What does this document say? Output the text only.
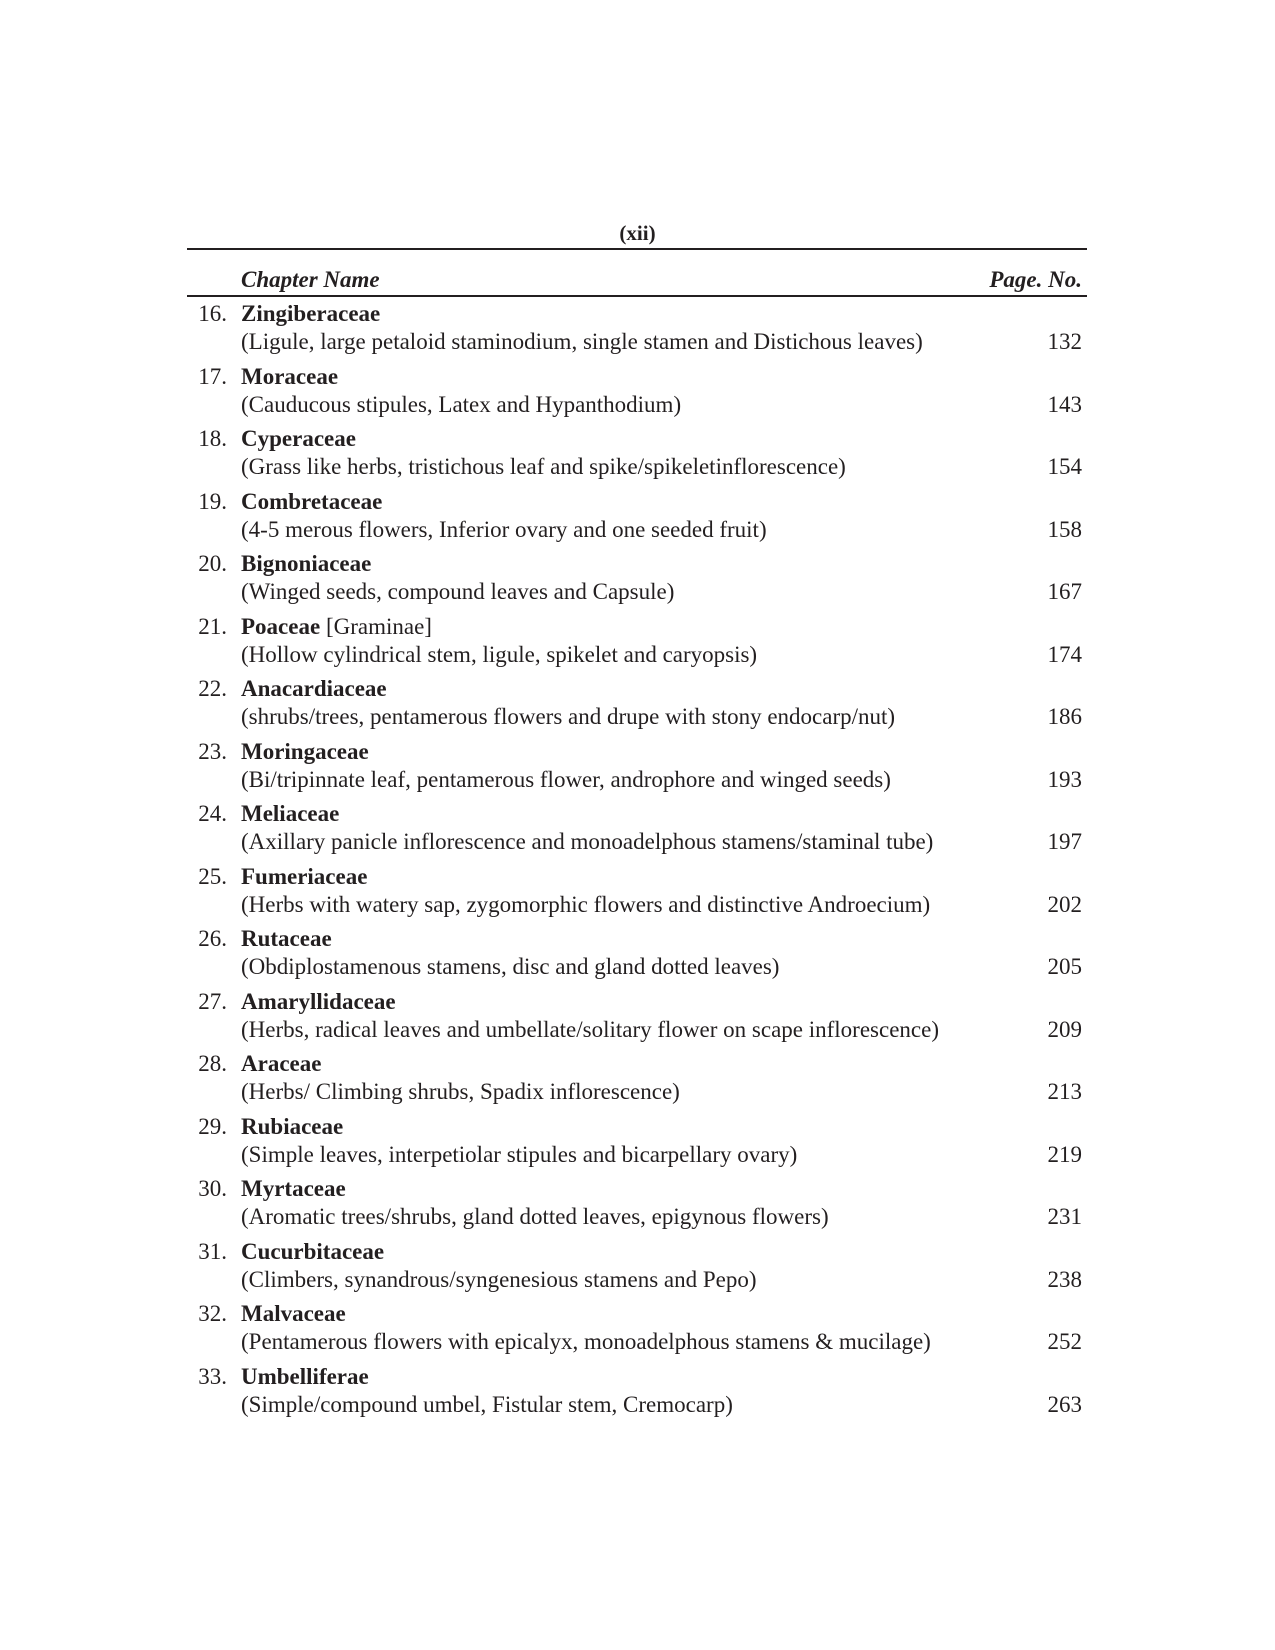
(xii)
Chapter Name	Page. No.
16. Zingiberaceae
(Ligule, large petaloid staminodium, single stamen and Distichous leaves)	132
17. Moraceae
(Cauducous stipules, Latex and Hypanthodium)	143
18. Cyperaceae
(Grass like herbs, tristichous leaf and spike/spikeletinflorescence)	154
19. Combretaceae
(4-5 merous flowers, Inferior ovary and one seeded fruit)	158
20. Bignoniaceae
(Winged seeds, compound leaves and Capsule)	167
21. Poaceae [Graminae]
(Hollow cylindrical stem, ligule, spikelet and caryopsis)	174
22. Anacardiaceae
(shrubs/trees, pentamerous flowers and drupe with stony endocarp/nut)	186
23. Moringaceae
(Bi/tripinnate leaf, pentamerous flower, androphore and winged seeds)	193
24. Meliaceae
(Axillary panicle inflorescence and monoadelphous stamens/staminal tube)	197
25. Fumeriaceae
(Herbs with watery sap, zygomorphic flowers and distinctive Androecium)	202
26. Rutaceae
(Obdiplostamenous stamens, disc and gland dotted leaves)	205
27. Amaryllidaceae
(Herbs, radical leaves and umbellate/solitary flower on scape inflorescence)	209
28. Araceae
(Herbs/ Climbing shrubs, Spadix inflorescence)	213
29. Rubiaceae
(Simple leaves, interpetiolar stipules and bicarpellary ovary)	219
30. Myrtaceae
(Aromatic trees/shrubs, gland dotted leaves, epigynous flowers)	231
31. Cucurbitaceae
(Climbers, synandrous/syngenesious stamens and Pepo)	238
32. Malvaceae
(Pentamerous flowers with epicalyx, monoadelphous stamens & mucilage)	252
33. Umbelliferae
(Simple/compound umbel, Fistular stem, Cremocarp)	263
